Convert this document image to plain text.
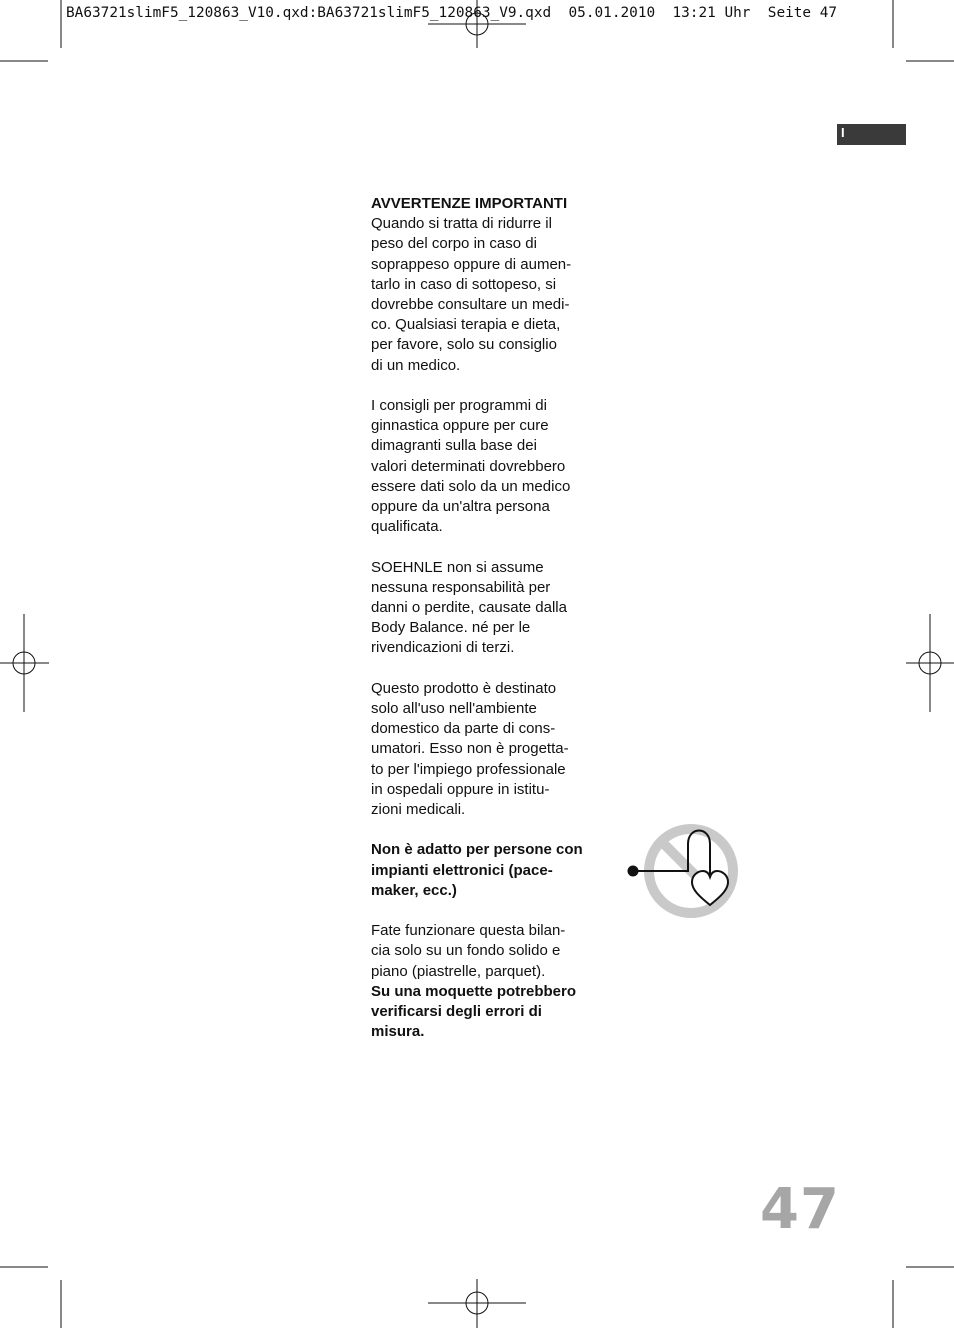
BA63721slimF5_120863_V10.qxd:BA63721slimF5_120863_V9.qxd  05.01.2010  13:21 Uhr  Seite 47
I

AVVERTENZE IMPORTANTI
Quando si tratta di ridurre il
peso del corpo in caso di
soprappeso oppure di aumen-
tarlo in caso di sottopeso, si
dovrebbe consultare un medi-
co. Qualsiasi terapia e dieta,
per favore, solo su consiglio
di un medico.

I consigli per programmi di
ginnastica oppure per cure
dimagranti sulla base dei
valori determinati dovrebbero
essere dati solo da un medico
oppure da un'altra persona
qualificata.

SOEHNLE non si assume
nessuna responsabilità per
danni o perdite, causate dalla
Body Balance. né per le
rivendicazioni di terzi.

Questo prodotto è destinato
solo all'uso nell'ambiente
domestico da parte di cons-
umatori. Esso non è progetta-
to per l'impiego professionale
in ospedali oppure in istitu-
zioni medicali.

Non è adatto per persone con
impianti elettronici (pace-
maker, ecc.)

Fate funzionare questa bilan-
cia solo su un fondo solido e
piano (piastrelle, parquet).
Su una moquette potrebbero
verificarsi degli errori di
misura.

47
